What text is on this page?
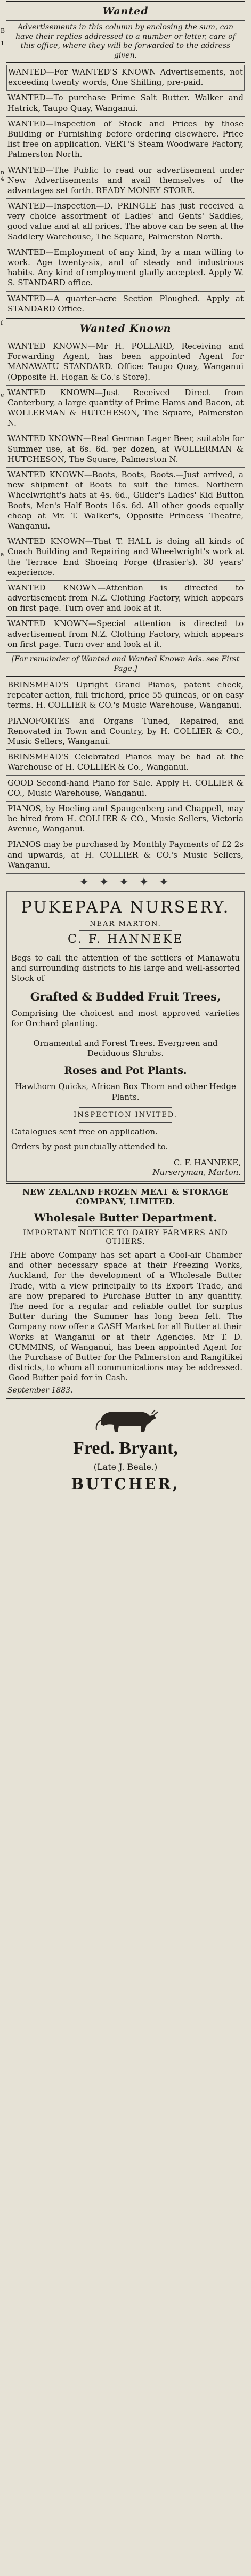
B
1
n
4
f
e
a
Wanted

Advertisements in this column by enclosing the sum, can have their replies addressed to a number or letter, care of this office, where they will be forwarded to the address given.

WANTED—For WANTED'S KNOWN Advertisements, not exceeding twenty words, One Shilling, pre-paid.

WANTED—To purchase Prime Salt Butter. Walker and Hatrick, Taupo Quay, Wanganui.

WANTED—Inspection of Stock and Prices by those Building or Furnishing before ordering elsewhere. Price list free on application. VERT'S Steam Woodware Factory, Palmerston North.

WANTED—The Public to read our advertisement under New Advertisements and avail themselves of the advantages set forth. READY MONEY STORE.

WANTED—Inspection—D. PRINGLE has just received a very choice assortment of Ladies' and Gents' Saddles, good value and at all prices. The above can be seen at the Saddlery Warehouse, The Square, Palmerston North.

WANTED—Employment of any kind, by a man willing to work. Age twenty-six, and of steady and industrious habits. Any kind of employment gladly accepted. Apply W. S. STANDARD office.

WANTED—A quarter-acre Section Ploughed. Apply at STANDARD Office.

Wanted Known

WANTED KNOWN—Mr H. POLLARD, Receiving and Forwarding Agent, has been appointed Agent for MANAWATU STANDARD. Office: Taupo Quay, Wanganui (Opposite H. Hogan & Co.'s Store).

WANTED KNOWN—Just Received Direct from Canterbury, a large quantity of Prime Hams and Bacon, at WOLLERMAN & HUTCHESON, The Square, Palmerston N.

WANTED KNOWN—Real German Lager Beer, suitable for Summer use, at 6s. 6d. per dozen, at WOLLERMAN & HUTCHESON, The Square, Palmerston N.

WANTED KNOWN—Boots, Boots, Boots.—Just arrived, a new shipment of Boots to suit the times. Northern Wheelwright's hats at 4s. 6d., Gilder's Ladies' Kid Button Boots, Men's Half Boots 16s. 6d. All other goods equally cheap at Mr. T. Walker's, Opposite Princess Theatre, Wanganui.

WANTED KNOWN—That T. HALL is doing all kinds of Coach Building and Repairing and Wheelwright's work at the Terrace End Shoeing Forge (Brasier's). 30 years' experience.

WANTED KNOWN—Attention is directed to advertisement from N.Z. Clothing Factory, which appears on first page. Turn over and look at it.

WANTED KNOWN—Special attention is directed to advertisement from N.Z. Clothing Factory, which appears on first page. Turn over and look at it.

[For remainder of Wanted and Wanted Known Ads. see First Page.]

BRINSMEAD'S Upright Grand Pianos, patent check, repeater action, full trichord, price 55 guineas, or on easy terms. H. COLLIER & CO.'s Music Warehouse, Wanganui.

PIANOFORTES and Organs Tuned, Repaired, and Renovated in Town and Country, by H. COLLIER & CO., Music Sellers, Wanganui.

BRINSMEAD'S Celebrated Pianos may be had at the Warehouse of H. COLLIER & Co., Wanganui.

GOOD Second-hand Piano for Sale. Apply H. COLLIER & CO., Music Warehouse, Wanganui.

PIANOS, by Hoeling and Spaugenberg and Chappell, may be hired from H. COLLIER & CO., Music Sellers, Victoria Avenue, Wanganui.

PIANOS may be purchased by Monthly Payments of £2 2s and upwards, at H. COLLIER & CO.'s Music Sellers, Wanganui.

✦ ✦ ✦ ✦ ✦
PUKEPAPA NURSERY.
NEAR MARTON.
C. F. HANNEKE

Begs to call the attention of the settlers of Manawatu and surrounding districts to his large and well-assorted Stock of

Grafted & Budded Fruit Trees,

Comprising the choicest and most approved varieties for Orchard planting.

Ornamental and Forest Trees. Evergreen and Deciduous Shrubs.

Roses and Pot Plants.

Hawthorn Quicks, African Box Thorn and other Hedge Plants.

INSPECTION INVITED.

Catalogues sent free on application.

Orders by post punctually attended to.

C. F. HANNEKE,
Nurseryman, Marton.
NEW ZEALAND FROZEN MEAT & STORAGE COMPANY, LIMITED.
Wholesale Butter Department.
IMPORTANT NOTICE TO DAIRY FARMERS AND OTHERS.

THE above Company has set apart a Cool-air Chamber and other necessary space at their Freezing Works, Auckland, for the development of a Wholesale Butter Trade, with a view principally to its Export Trade, and are now prepared to Purchase Butter in any quantity. The need for a regular and reliable outlet for surplus Butter during the Summer has long been felt. The Company now offer a CASH Market for all Butter at their Works at Wanganui or at their Agencies. Mr T. D. CUMMINS, of Wanganui, has been appointed Agent for the Purchase of Butter for the Palmerston and Rangitikei districts, to whom all communications may be addressed. Good Butter paid for in Cash.

September 1883.
Fred. Bryant,
(Late J. Beale.)
BUTCHER,
